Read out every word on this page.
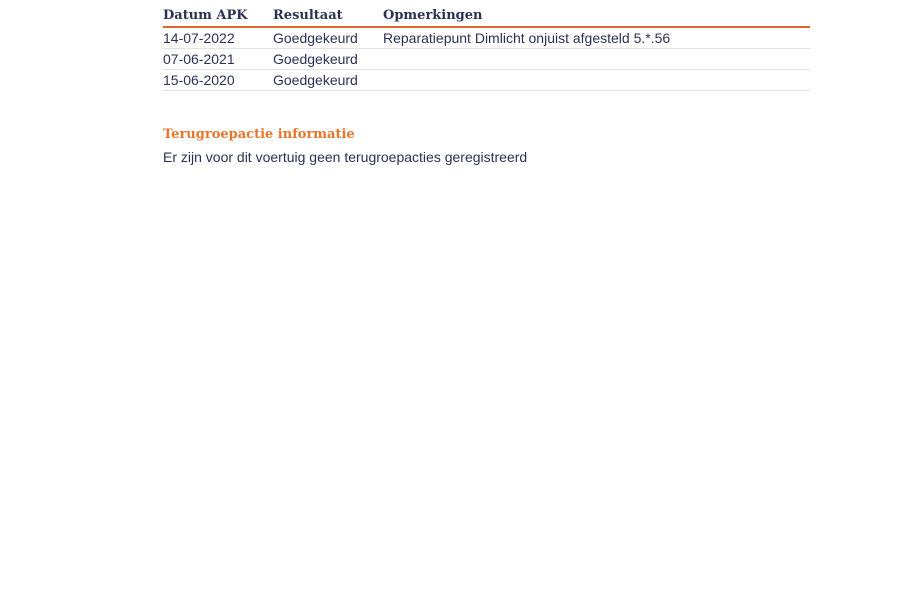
Datum APK	Resultaat	Opmerkingen
14-07-2022	Goedgekeurd	Reparatiepunt Dimlicht onjuist afgesteld 5.*.56
07-06-2021	Goedgekeurd	
15-06-2020	Goedgekeurd	
Terugroepactie informatie
Er zijn voor dit voertuig geen terugroepacties geregistreerd
